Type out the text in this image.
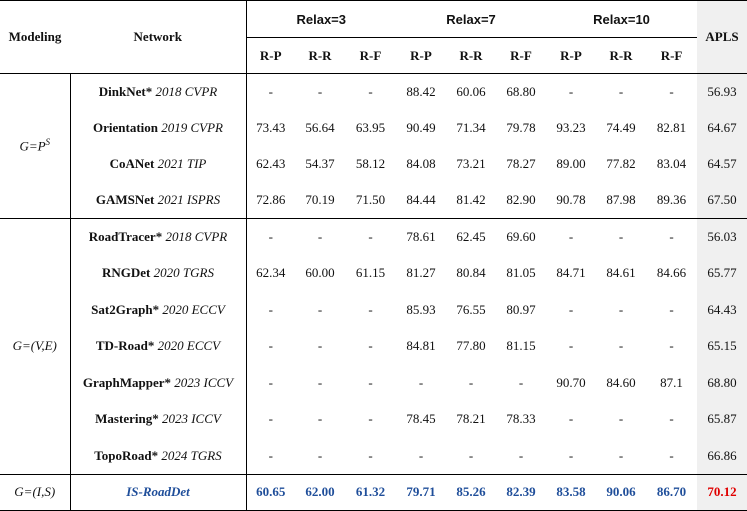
Modeling	Network	Relax=3			Relax=7			Relax=10			APLS
		R-P	R-R	R-F	R-P	R-R	R-F	R-P	R-R	R-F	
$G=P^S$	DinkNet* 2018 CVPR	-	-	-	88.42	60.06	68.80	-	-	-	56.93
	Orientation 2019 CVPR	73.43	56.64	63.95	90.49	71.34	79.78	93.23	74.49	82.81	64.67
	CoANet 2021 TIP	62.43	54.37	58.12	84.08	73.21	78.27	89.00	77.82	83.04	64.57
	GAMSNet 2021 ISPRS	72.86	70.19	71.50	84.44	81.42	82.90	90.78	87.98	89.36	67.50
G=(V,E)	RoadTracer* 2018 CVPR	-	-	-	78.61	62.45	69.60	-	-	-	56.03
	RNGDet 2020 TGRS	62.34	60.00	61.15	81.27	80.84	81.05	84.71	84.61	84.66	65.77
	Sat2Graph* 2020 ECCV	-	-	-	85.93	76.55	80.97	-	-	-	64.43
	TD-Road* 2020 ECCV	-	-	-	84.81	77.80	81.15	-	-	-	65.15
	GraphMapper* 2023 ICCV	-	-	-	-	-	-	90.70	84.60	87.1	68.80
	Mastering* 2023 ICCV	-	-	-	78.45	78.21	78.33	-	-	-	65.87
	TopoRoad* 2024 TGRS	-	-	-	-	-	-	-	-	-	66.86
G=(I,S)	IS-RoadDet	60.65	62.00	61.32	79.71	85.26	82.39	83.58	90.06	86.70	70.12
